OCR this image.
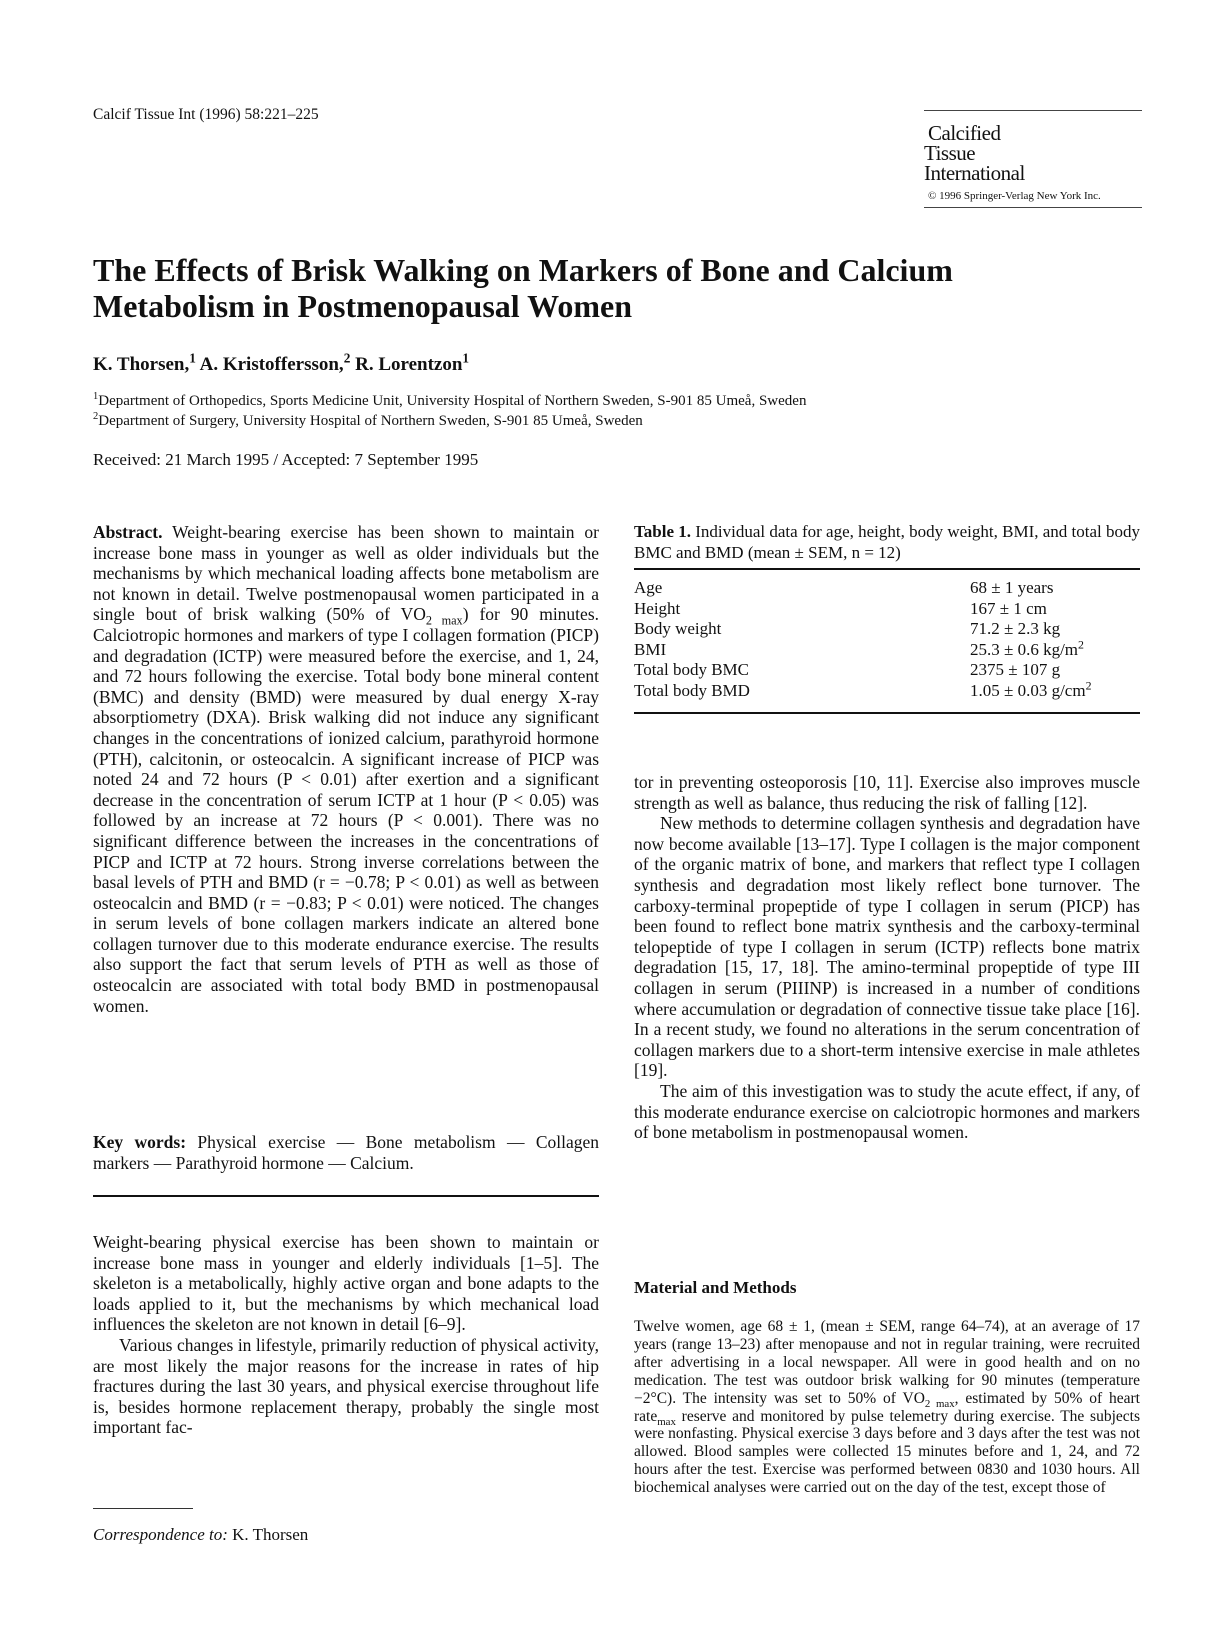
Calcif Tissue Int (1996) 58:221–225
Calcified
Tissue
International
© 1996 Springer-Verlag New York Inc.
The Effects of Brisk Walking on Markers of Bone and Calcium Metabolism in Postmenopausal Women
K. Thorsen,$^1$ A. Kristoffersson,$^2$ R. Lorentzon$^1$
$^1$Department of Orthopedics, Sports Medicine Unit, University Hospital of Northern Sweden, S-901 85 Umeå, Sweden
$^2$Department of Surgery, University Hospital of Northern Sweden, S-901 85 Umeå, Sweden
Received: 21 March 1995 / Accepted: 7 September 1995

Abstract. Weight-bearing exercise has been shown to maintain or increase bone mass in younger as well as older individuals but the mechanisms by which mechanical loading affects bone metabolism are not known in detail. Twelve postmenopausal women participated in a single bout of brisk walking (50% of $VO_{2 max}$) for 90 minutes. Calciotropic hormones and markers of type I collagen formation (PICP) and degradation (ICTP) were measured before the exercise, and 1, 24, and 72 hours following the exercise. Total body bone mineral content (BMC) and density (BMD) were measured by dual energy X-ray absorptiometry (DXA). Brisk walking did not induce any significant changes in the concentrations of ionized calcium, parathyroid hormone (PTH), calcitonin, or osteocalcin. A significant increase of PICP was noted 24 and 72 hours (P < 0.01) after exertion and a significant decrease in the concentration of serum ICTP at 1 hour (P < 0.05) was followed by an increase at 72 hours (P < 0.001). There was no significant difference between the increases in the concentrations of PICP and ICTP at 72 hours. Strong inverse correlations between the basal levels of PTH and BMD (r = −0.78; P < 0.01) as well as between osteocalcin and BMD (r = −0.83; P < 0.01) were noticed. The changes in serum levels of bone collagen markers indicate an altered bone collagen turnover due to this moderate endurance exercise. The results also support the fact that serum levels of PTH as well as those of osteocalcin are associated with total body BMD in postmenopausal women.

Key words: Physical exercise — Bone metabolism — Collagen markers — Parathyroid hormone — Calcium.

Weight-bearing physical exercise has been shown to maintain or increase bone mass in younger and elderly individuals [1–5]. The skeleton is a metabolically, highly active organ and bone adapts to the loads applied to it, but the mechanisms by which mechanical load influences the skeleton are not known in detail [6–9].

Various changes in lifestyle, primarily reduction of physical activity, are most likely the major reasons for the increase in rates of hip fractures during the last 30 years, and physical exercise throughout life is, besides hormone replacement therapy, probably the single most important fac-

Correspondence to: K. Thorsen
Table 1. Individual data for age, height, body weight, BMI, and total body BMC and BMD (mean ± SEM, n = 12)
Age	68 ± 1 years
Height	167 ± 1 cm
Body weight	71.2 ± 2.3 kg
BMI	25.3 ± 0.6 $kg/m^2$
Total body BMC	2375 ± 107 g
Total body BMD	1.05 ± 0.03 $g/cm^2$

tor in preventing osteoporosis [10, 11]. Exercise also improves muscle strength as well as balance, thus reducing the risk of falling [12].

New methods to determine collagen synthesis and degradation have now become available [13–17]. Type I collagen is the major component of the organic matrix of bone, and markers that reflect type I collagen synthesis and degradation most likely reflect bone turnover. The carboxy-terminal propeptide of type I collagen in serum (PICP) has been found to reflect bone matrix synthesis and the carboxy-terminal telopeptide of type I collagen in serum (ICTP) reflects bone matrix degradation [15, 17, 18]. The amino-terminal propeptide of type III collagen in serum (PIIINP) is increased in a number of conditions where accumulation or degradation of connective tissue take place [16]. In a recent study, we found no alterations in the serum concentration of collagen markers due to a short-term intensive exercise in male athletes [19].

The aim of this investigation was to study the acute effect, if any, of this moderate endurance exercise on calciotropic hormones and markers of bone metabolism in postmenopausal women.

Material and Methods

Twelve women, age 68 ± 1, (mean ± SEM, range 64–74), at an average of 17 years (range 13–23) after menopause and not in regular training, were recruited after advertising in a local newspaper. All were in good health and on no medication. The test was outdoor brisk walking for 90 minutes (temperature −2°C). The intensity was set to 50% of $VO_{2 max}$, estimated by 50% of heart rate$_{max}$ reserve and monitored by pulse telemetry during exercise. The subjects were nonfasting. Physical exercise 3 days before and 3 days after the test was not allowed. Blood samples were collected 15 minutes before and 1, 24, and 72 hours after the test. Exercise was performed between 0830 and 1030 hours. All biochemical analyses were carried out on the day of the test, except those of
